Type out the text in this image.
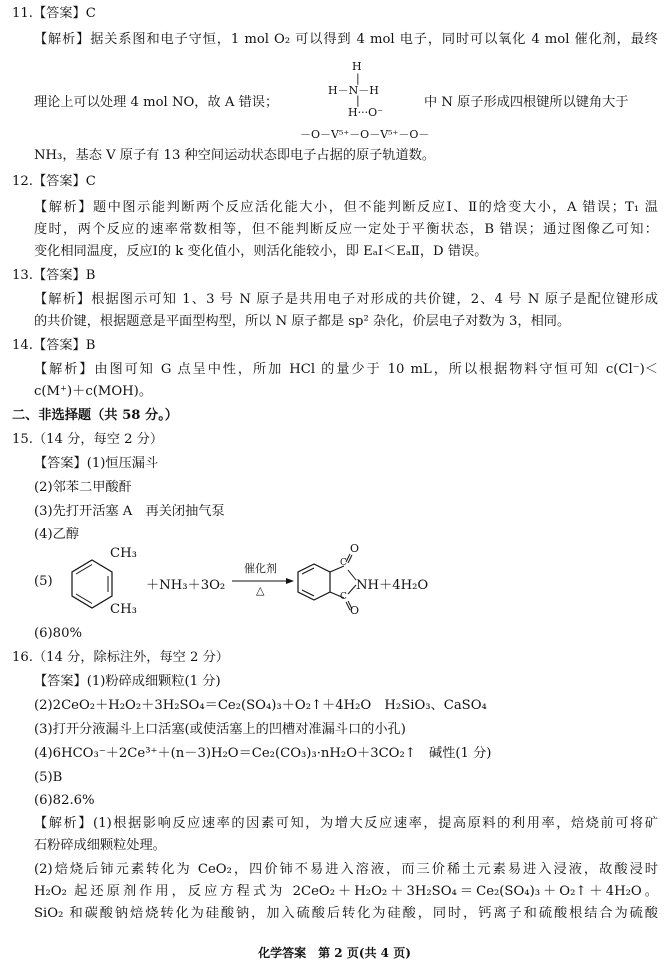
11.【答案】C
【解析】据关系图和电子守恒，1 mol O₂ 可以得到 4 mol 电子，同时可以氧化 4 mol 催化剂，最终
理论上可以处理 4 mol NO，故 A 错误；
H
|
H－N－H
|
H···O⁻
－O－V⁵⁺－O－V⁵⁺－O－
中 N 原子形成四根键所以键角大于
NH₃，基态 V 原子有 13 种空间运动状态即电子占据的原子轨道数。
12.【答案】C
【解析】题中图示能判断两个反应活化能大小，但不能判断反应Ⅰ、Ⅱ的焓变大小，A 错误；T₁ 温
度时，两个反应的速率常数相等，但不能判断反应一定处于平衡状态，B 错误；通过图像乙可知：
变化相同温度，反应Ⅰ的 k 变化值小，则活化能较小，即 EₐⅠ＜EₐⅡ，D 错误。
13.【答案】B
【解析】根据图示可知 1、3 号 N 原子是共用电子对形成的共价键，2、4 号 N 原子是配位键形成
的共价键，根据题意是平面型构型，所以 N 原子都是 sp² 杂化，价层电子对数为 3，相同。
14.【答案】B
【解析】由图可知 G 点呈中性，所加 HCl 的量少于 10 mL，所以根据物料守恒可知 c(Cl⁻)＜
c(M⁺)＋c(MOH)。
二、非选择题（共 58 分。）
15.（14 分，每空 2 分）
【答案】(1)恒压漏斗
(2)邻苯二甲酸酐
(3)先打开活塞 A　再关闭抽气泵
(4)乙醇
(5)
CH₃
CH₃
＋NH₃＋3O₂
催化剂
△
O
C
C
O
NH＋4H₂O
(6)80%
16.（14 分，除标注外，每空 2 分）
【答案】(1)粉碎成细颗粒(1 分)
(2)2CeO₂＋H₂O₂＋3H₂SO₄＝Ce₂(SO₄)₃＋O₂↑＋4H₂O　H₂SiO₃、CaSO₄
(3)打开分液漏斗上口活塞(或使活塞上的凹槽对准漏斗口的小孔)
(4)6HCO₃⁻＋2Ce³⁺＋(n－3)H₂O＝Ce₂(CO₃)₃·nH₂O＋3CO₂↑　碱性(1 分)
(5)B
(6)82.6%
【解析】(1)根据影响反应速率的因素可知，为增大反应速率，提高原料的利用率，焙烧前可将矿
石粉碎成细颗粒处理。
(2)焙烧后铈元素转化为 CeO₂，四价铈不易进入溶液，而三价稀土元素易进入浸液，故酸浸时
H₂O₂ 起还原剂作用，反应方程式为 2CeO₂＋H₂O₂＋3H₂SO₄＝Ce₂(SO₄)₃＋O₂↑＋4H₂O。
SiO₂ 和碳酸钠焙烧转化为硅酸钠，加入硫酸后转化为硅酸，同时，钙离子和硫酸根结合为硫酸
化学答案　第 2 页(共 4 页)
